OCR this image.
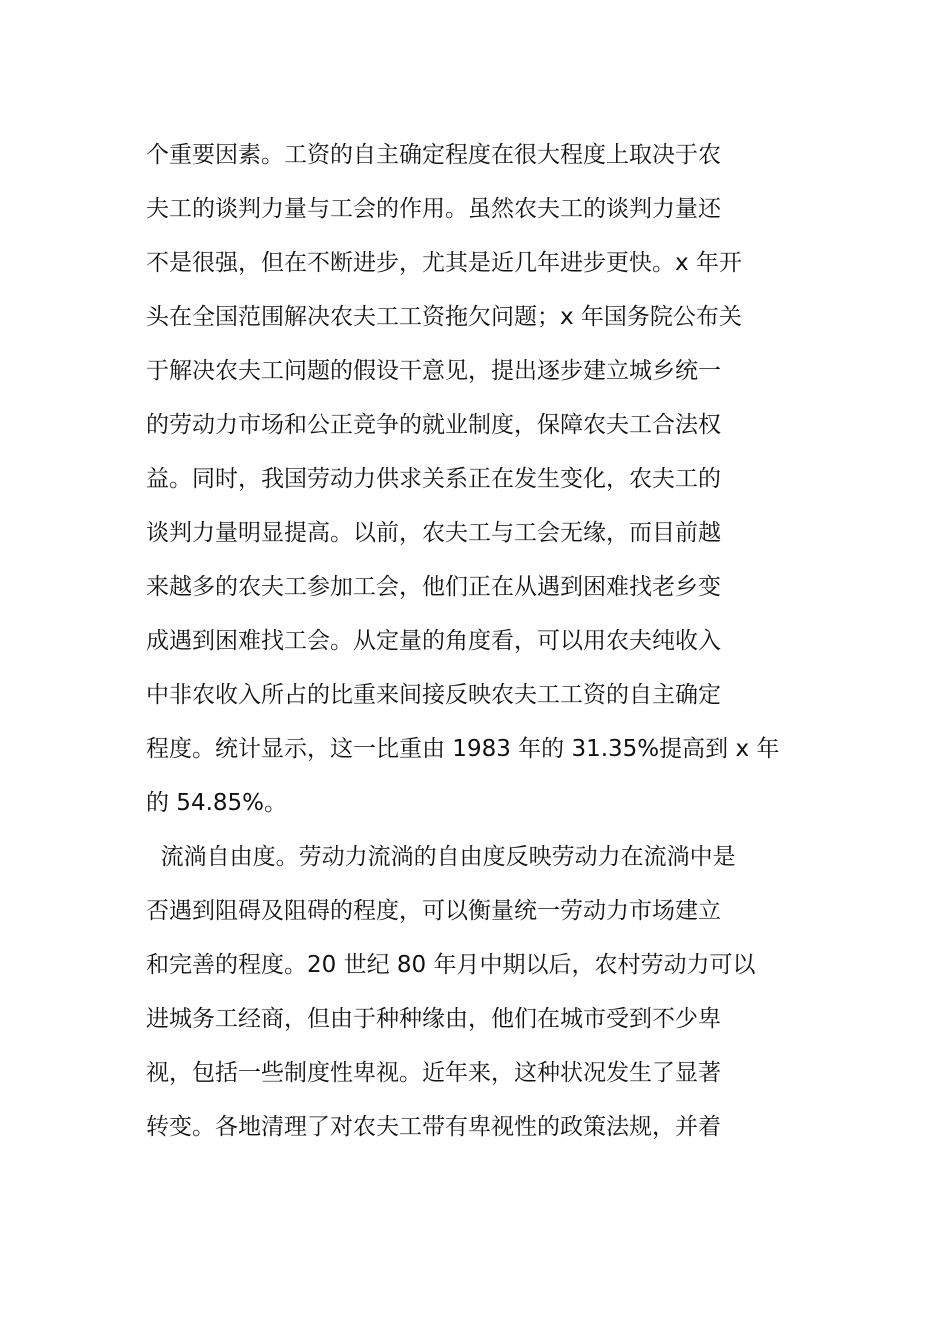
个重要因素。工资的自主确定程度在很大程度上取决于农
夫工的谈判力量与工会的作用。虽然农夫工的谈判力量还
不是很强，但在不断进步，尤其是近几年进步更快。x 年开
头在全国范围解决农夫工工资拖欠问题；x 年国务院公布关
于解决农夫工问题的假设干意见，提出逐步建立城乡统一
的劳动力市场和公正竞争的就业制度，保障农夫工合法权
益。同时，我国劳动力供求关系正在发生变化，农夫工的
谈判力量明显提高。以前，农夫工与工会无缘，而目前越
来越多的农夫工参加工会，他们正在从遇到困难找老乡变
成遇到困难找工会。从定量的角度看，可以用农夫纯收入
中非农收入所占的比重来间接反映农夫工工资的自主确定
程度。统计显示，这一比重由 1983 年的 31.35%提高到 x 年
的 54.85%。
流淌自由度。劳动力流淌的自由度反映劳动力在流淌中是
否遇到阻碍及阻碍的程度，可以衡量统一劳动力市场建立
和完善的程度。20 世纪 80 年月中期以后，农村劳动力可以
进城务工经商，但由于种种缘由，他们在城市受到不少卑
视，包括一些制度性卑视。近年来，这种状况发生了显著
转变。各地清理了对农夫工带有卑视性的政策法规，并着
